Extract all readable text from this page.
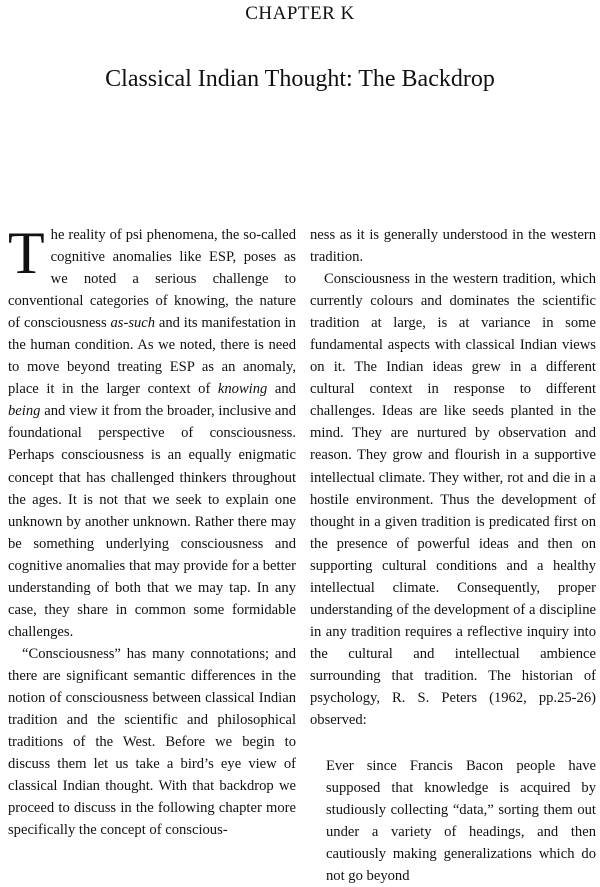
CHAPTER K
Classical Indian Thought: The Backdrop

The reality of psi phenomena, the so-called cognitive anomalies like ESP, poses as we noted a serious challenge to conventional categories of knowing, the nature of consciousness as-such and its manifestation in the human condition. As we noted, there is need to move beyond treating ESP as an anomaly, place it in the larger context of knowing and being and view it from the broader, inclusive and foundational perspective of consciousness. Perhaps consciousness is an equally enigmatic concept that has challenged thinkers throughout the ages. It is not that we seek to explain one unknown by another unknown. Rather there may be something underlying consciousness and cognitive anomalies that may provide for a better understanding of both that we may tap. In any case, they share in common some formidable challenges.

“Consciousness” has many connotations; and there are significant semantic differences in the notion of consciousness between classical Indian tradition and the scientific and philosophical traditions of the West. Before we begin to discuss them let us take a bird’s eye view of classical Indian thought. With that backdrop we proceed to discuss in the following chapter more specifically the concept of conscious-

ness as it is generally understood in the western tradition.

Consciousness in the western tradition, which currently colours and dominates the scientific tradition at large, is at variance in some fundamental aspects with classical Indian views on it. The Indian ideas grew in a different cultural context in response to different challenges. Ideas are like seeds planted in the mind. They are nurtured by observation and reason. They grow and flourish in a supportive intellectual climate. They wither, rot and die in a hostile environment. Thus the development of thought in a given tradition is predicated first on the presence of powerful ideas and then on supporting cultural conditions and a healthy intellectual climate. Consequently, proper understanding of the development of a discipline in any tradition requires a reflective inquiry into the cultural and intellectual ambience surrounding that tradition. The historian of psychology, R. S. Peters (1962, pp.25-26) observed:

Ever since Francis Bacon people have supposed that knowledge is acquired by studiously collecting “data,” sorting them out under a variety of headings, and then cautiously making generalizations which do not go beyond
